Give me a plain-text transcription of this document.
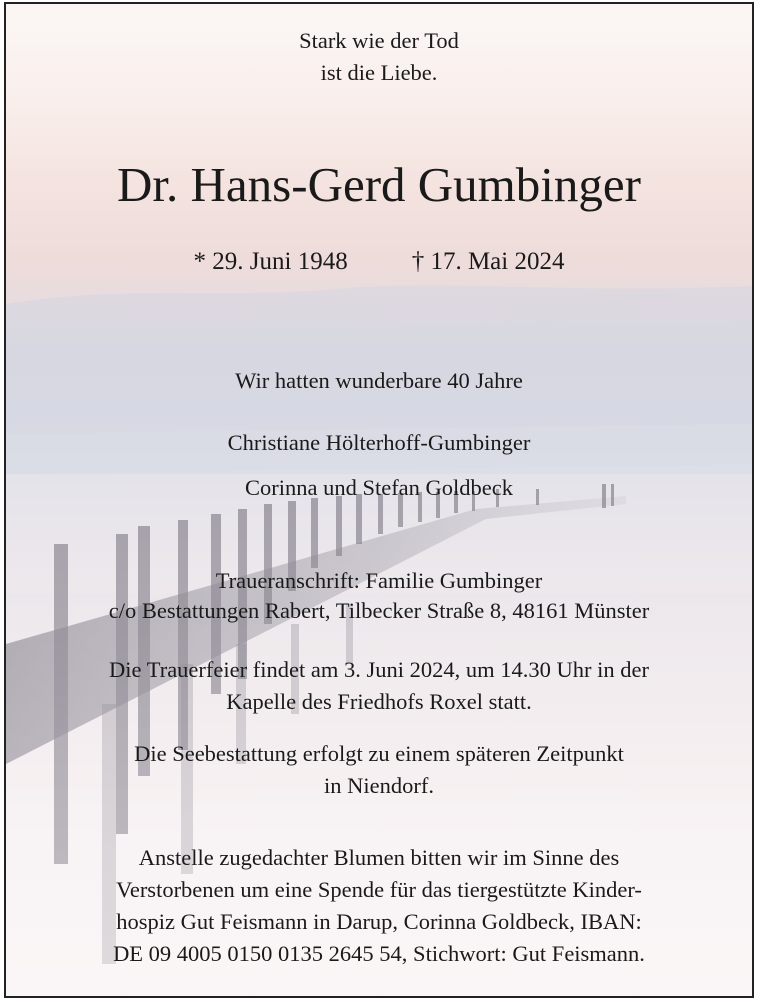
Stark wie der Tod
ist die Liebe.
Dr. Hans-Gerd Gumbinger
* 29. Juni 1948	† 17. Mai 2024
Wir hatten wunderbare 40 Jahre
Christiane Hölterhoff-Gumbinger
Corinna und Stefan Goldbeck
Traueranschrift: Familie Gumbinger
c/o Bestattungen Rabert, Tilbecker Straße 8, 48161 Münster
Die Trauerfeier findet am 3. Juni 2024, um 14.30 Uhr in der
Kapelle des Friedhofs Roxel statt.
Die Seebestattung erfolgt zu einem späteren Zeitpunkt
in Niendorf.
Anstelle zugedachter Blumen bitten wir im Sinne des
Verstorbenen um eine Spende für das tiergestützte Kinder-
hospiz Gut Feismann in Darup, Corinna Goldbeck, IBAN:
DE 09 4005 0150 0135 2645 54, Stichwort: Gut Feismann.
